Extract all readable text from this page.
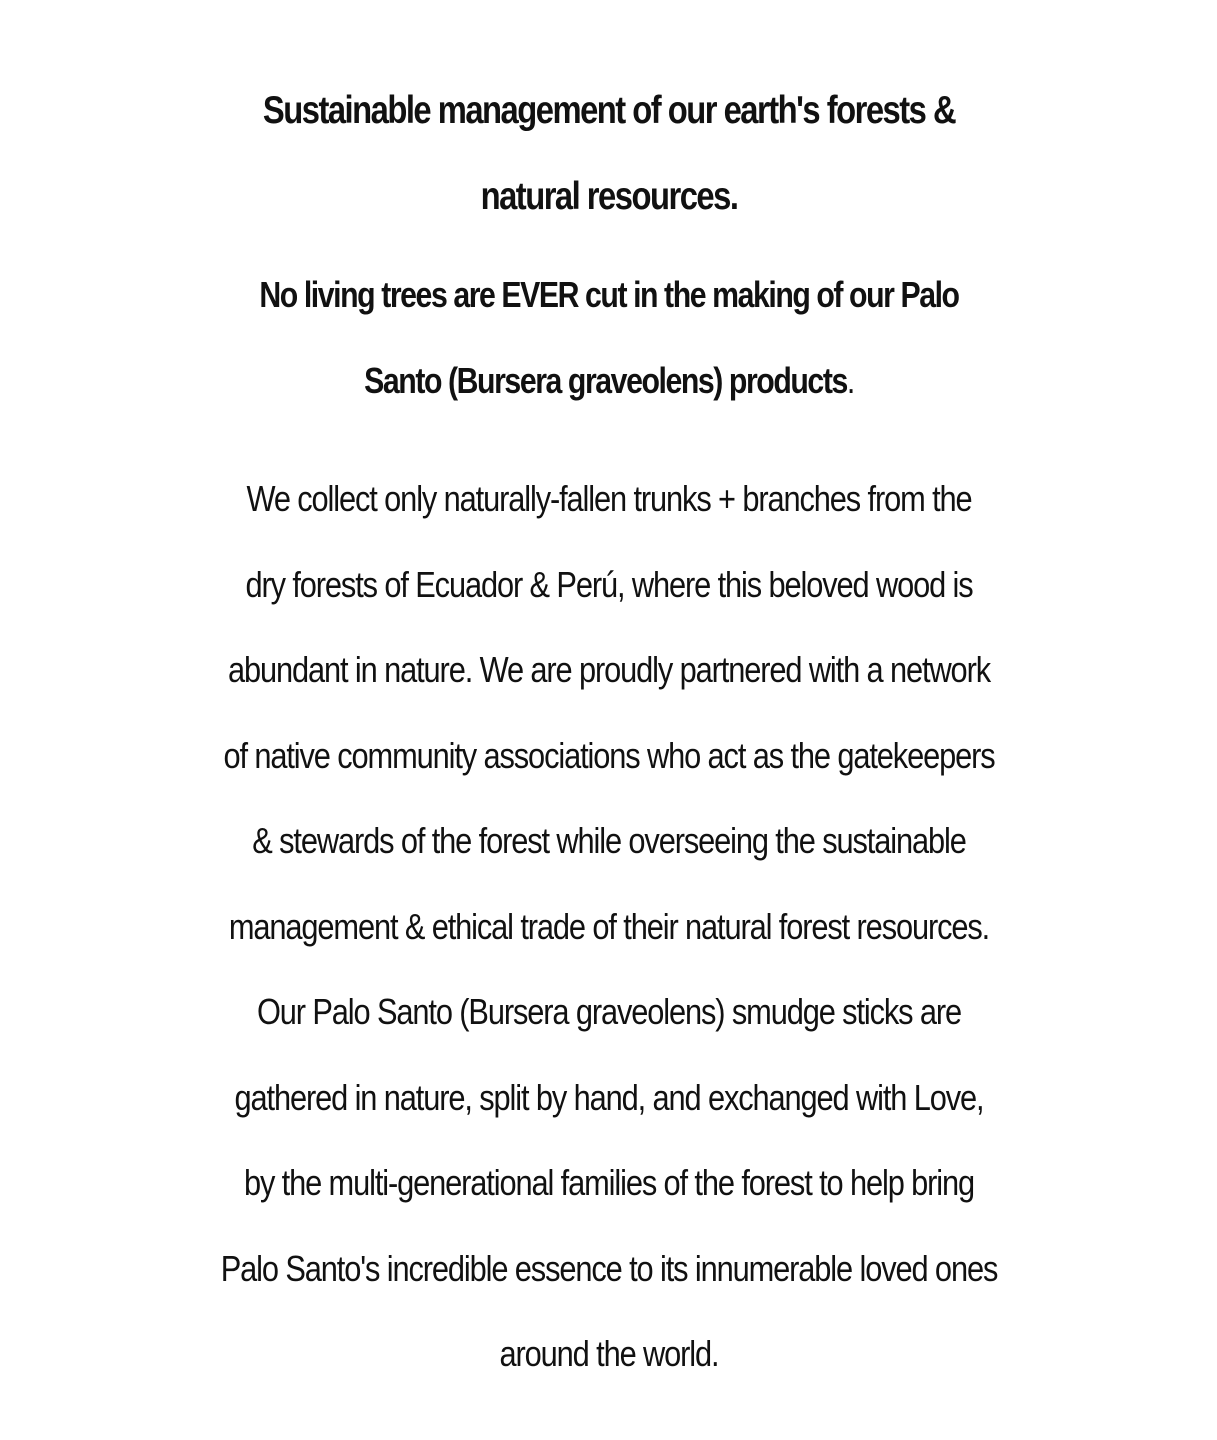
Sustainable management of our earth's forests &
natural resources.
No living trees are EVER cut in the making of our Palo
Santo (Bursera graveolens) products.

We collect only naturally-fallen trunks + branches from the
dry forests of Ecuador & Perú, where this beloved wood is
abundant in nature. We are proudly partnered with a network
of native community associations who act as the gatekeepers
& stewards of the forest while overseeing the sustainable
management & ethical trade of their natural forest resources.
Our Palo Santo (Bursera graveolens) smudge sticks are
gathered in nature, split by hand, and exchanged with Love,
by the multi-generational families of the forest to help bring
Palo Santo's incredible essence to its innumerable loved ones
around the world.
